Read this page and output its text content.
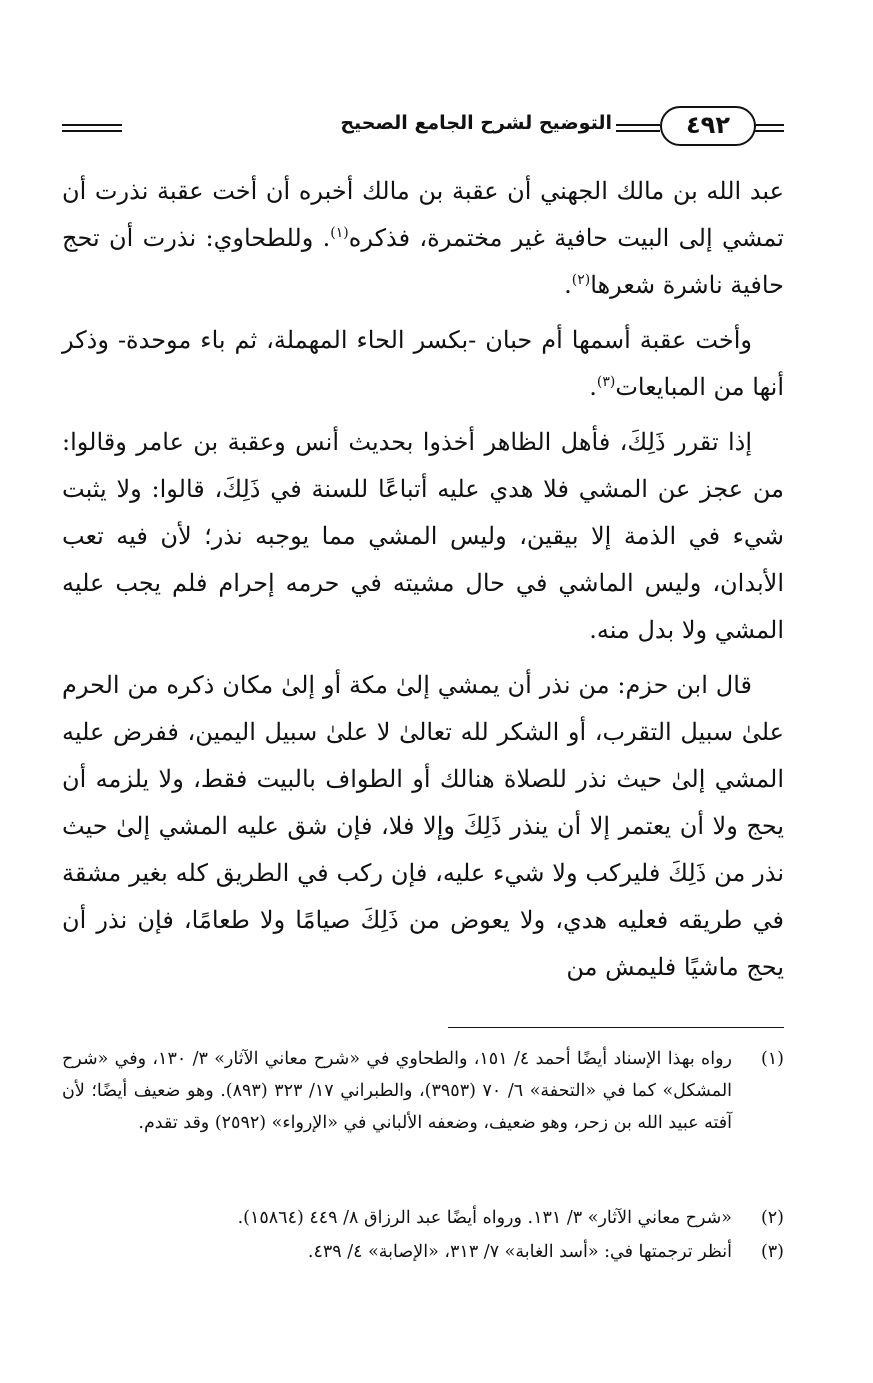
٤٩٢
التوضيح لشرح الجامع الصحيح

عبد الله بن مالك الجهني أن عقبة بن مالك أخبره أن أخت عقبة نذرت أن تمشي إلى البيت حافية غير مختمرة، فذكره$^{(١)}$. وللطحاوي: نذرت أن تحج حافية ناشرة شعرها$^{(٢)}$.

وأخت عقبة أسمها أم حبان -بكسر الحاء المهملة، ثم باء موحدة- وذكر أنها من المبايعات$^{(٣)}$.

إذا تقرر ذَلِكَ، فأهل الظاهر أخذوا بحديث أنس وعقبة بن عامر وقالوا: من عجز عن المشي فلا هدي عليه أتباعًا للسنة في ذَلِكَ، قالوا: ولا يثبت شيء في الذمة إلا بيقين، وليس المشي مما يوجبه نذر؛ لأن فيه تعب الأبدان، وليس الماشي في حال مشيته في حرمه إحرام فلم يجب عليه المشي ولا بدل منه.

قال ابن حزم: من نذر أن يمشي إلىٰ مكة أو إلىٰ مكان ذكره من الحرم علىٰ سبيل التقرب، أو الشكر لله تعالىٰ لا علىٰ سبيل اليمين، ففرض عليه المشي إلىٰ حيث نذر للصلاة هنالك أو الطواف بالبيت فقط، ولا يلزمه أن يحج ولا أن يعتمر إلا أن ينذر ذَلِكَ وإلا فلا، فإن شق عليه المشي إلىٰ حيث نذر من ذَلِكَ فليركب ولا شيء عليه، فإن ركب في الطريق كله بغير مشقة في طريقه فعليه هدي، ولا يعوض من ذَلِكَ صيامًا ولا طعامًا، فإن نذر أن يحج ماشيًا فليمش من

(١)
رواه بهذا الإسناد أيضًا أحمد ٤/ ١٥١، والطحاوي في «شرح معاني الآثار» ٣/ ١٣٠، وفي «شرح المشكل» كما في «التحفة» ٦/ ٧٠ (٣٩٥٣)، والطبراني ١٧/ ٣٢٣ (٨٩٣). وهو ضعيف أيضًا؛ لأن آفته عبيد الله بن زحر، وهو ضعيف، وضعفه الألباني في «الإرواء» (٢٥٩٢) وقد تقدم.
(٢)
«شرح معاني الآثار» ٣/ ١٣١. ورواه أيضًا عبد الرزاق ٨/ ٤٤٩ (١٥٨٦٤).
(٣)
أنظر ترجمتها في: «أسد الغابة» ٧/ ٣١٣، «الإصابة» ٤/ ٤٣٩.
